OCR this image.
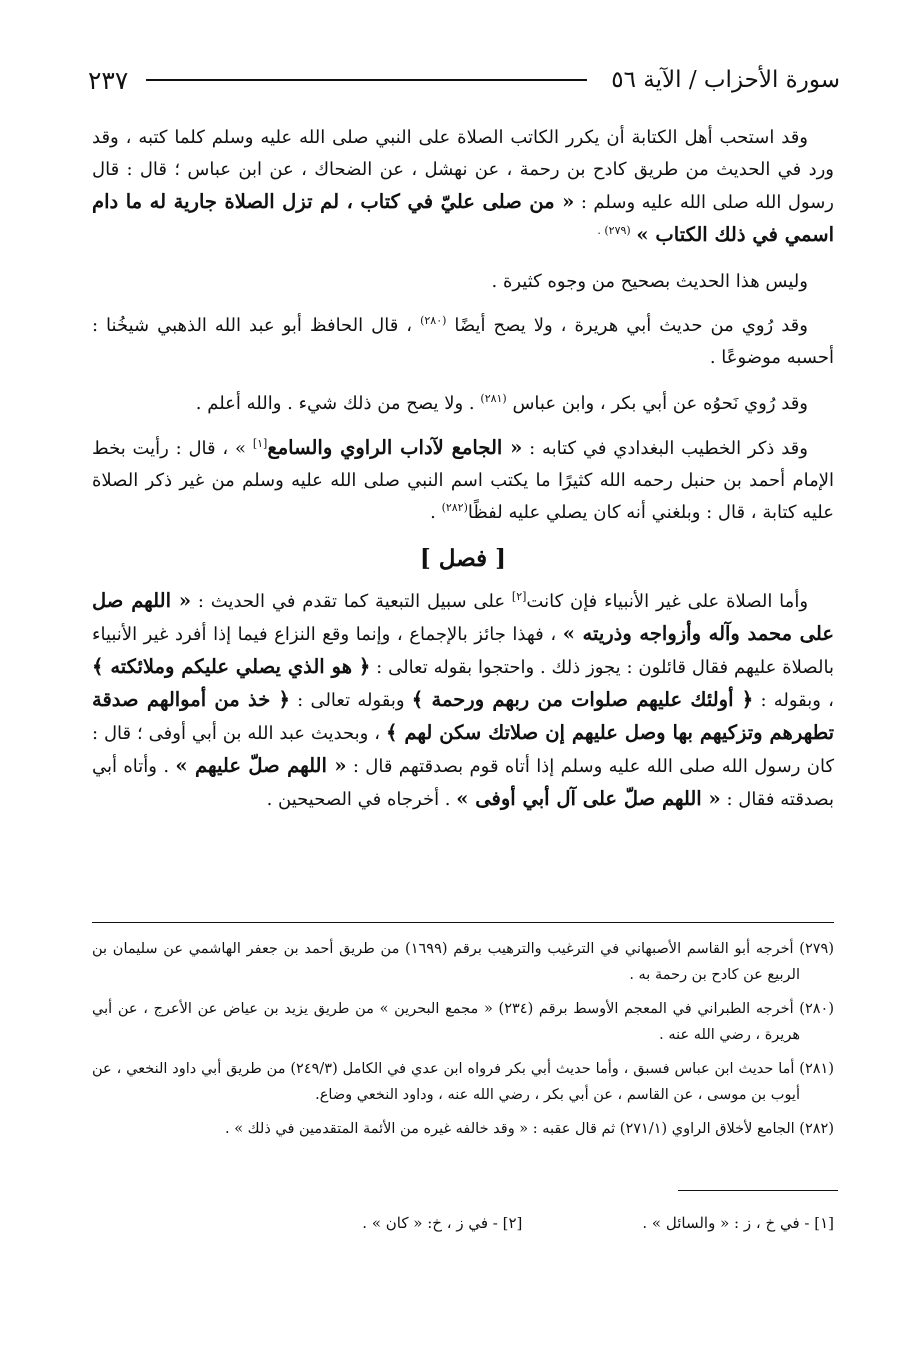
سورة الأحزاب / الآية ٥٦
٢٣٧

وقد استحب أهل الكتابة أن يكرر الكاتب الصلاة على النبي صلى الله عليه وسلم كلما كتبه ، وقد ورد في الحديث من طريق كادح بن رحمة ، عن نهشل ، عن الضحاك ، عن ابن عباس ؛ قال : قال رسول الله صلى الله عليه وسلم : « من صلى عليّ في كتاب ، لم تزل الصلاة جارية له ما دام اسمي في ذلك الكتاب » $^{(٢٧٩) .}$

وليس هذا الحديث بصحيح من وجوه كثيرة .

وقد رُوي من حديث أبي هريرة ، ولا يصح أيضًا $^{(٢٨٠)}$ ، قال الحافظ أبو عبد الله الذهبي شيخُنا : أحسبه موضوعًا .

وقد رُوي نَحوُه عن أبي بكر ، وابن عباس $^{(٢٨١)}$ . ولا يصح من ذلك شيء . والله أعلم .

وقد ذكر الخطيب البغدادي في كتابه : « الجامع لآداب الراوي والسامع[١] » ، قال : رأيت بخط الإمام أحمد بن حنبل رحمه الله كثيرًا ما يكتب اسم النبي صلى الله عليه وسلم من غير ذكر الصلاة عليه كتابة ، قال : وبلغني أنه كان يصلي عليه لفظًا$^{(٢٨٢)}$ .

[ فصل ]

وأما الصلاة على غير الأنبياء فإن كانت[٢] على سبيل التبعية كما تقدم في الحديث : « اللهم صل على محمد وآله وأزواجه وذريته » ، فهذا جائز بالإجماع ، وإنما وقع النزاع فيما إذا أفرد غير الأنبياء بالصلاة عليهم فقال قائلون : يجوز ذلك . واحتجوا بقوله تعالى : ﴿ هو الذي يصلي عليكم وملائكته ﴾ ، وبقوله : ﴿ أولئك عليهم صلوات من ربهم ورحمة ﴾ وبقوله تعالى : ﴿ خذ من أموالهم صدقة تطهرهم وتزكيهم بها وصل عليهم إن صلاتك سكن لهم ﴾ ، وبحديث عبد الله بن أبي أوفى ؛ قال : كان رسول الله صلى الله عليه وسلم إذا أتاه قوم بصدقتهم قال : « اللهم صلّ عليهم » . وأتاه أبي بصدقته فقال : « اللهم صلّ على آل أبي أوفى » . أخرجاه في الصحيحين .

(٢٧٩) أخرجه أبو القاسم الأصبهاني في الترغيب والترهيب برقم (١٦٩٩) من طريق أحمد بن جعفر الهاشمي عن سليمان بن الربيع عن كادح بن رحمة به .
(٢٨٠) أخرجه الطبراني في المعجم الأوسط برقم (٢٣٤) « مجمع البحرين » من طريق يزيد بن عياض عن الأعرج ، عن أبي هريرة ، رضي الله عنه .
(٢٨١) أما حديث ابن عباس فسبق ، وأما حديث أبي بكر فرواه ابن عدي في الكامل (٢٤٩/٣) من طريق أبي داود النخعي ، عن أيوب بن موسى ، عن القاسم ، عن أبي بكر ، رضي الله عنه ، وداود النخعي وضاع.
(٢٨٢) الجامع لأخلاق الراوي (٢٧١/١) ثم قال عقبه : « وقد خالفه غيره من الأئمة المتقدمين في ذلك » .
[١] - في خ ، ز : « والسائل » .
[٢] - في ز ، خ: « كان » .
